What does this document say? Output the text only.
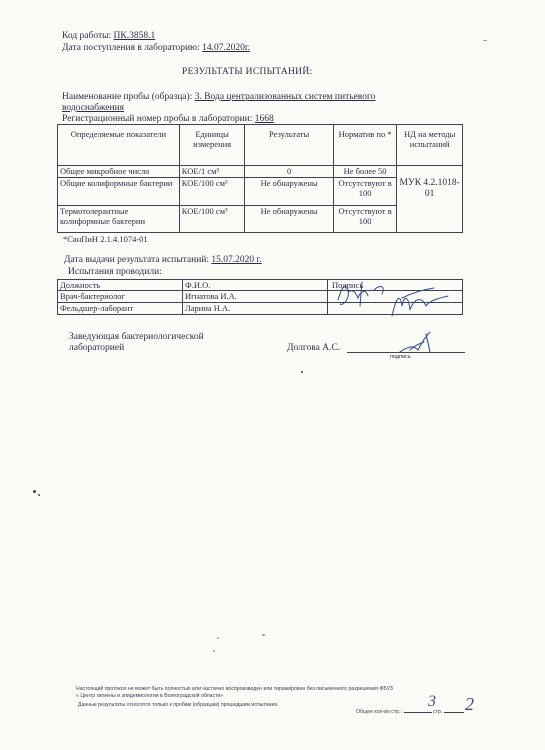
Код работы: ПК.3858.1
Дата поступления в лабораторию: 14.07.2020г.
РЕЗУЛЬТАТЫ ИСПЫТАНИЙ:
Наименование пробы (образца): 3. Вода централизованных систем питьевого
водоснабжения
Регистрационный номер пробы в лаборатории: 1668
Определяемые показатели	Единицы измерения	Результаты	Норматив по *	НД на методы испытаний
Общее микробное число	КОЕ/1 см³	0	Не более 50	МУК 4.2.1018-01
Общие колиформные бактерии	КОЕ/100 см³	Не обнаружены	Отсутствуют в 100	
Термотолерантные колиформные бактерии	КОЕ/100 см³	Не обнаружены	Отсутствуют в 100	
*СанПиН 2.1.4.1074-01
Дата выдачи результата испытаний: 15.07.2020 г.
Испытания проводили:
Должность	Ф.И.О.	Подпись
Врач-бактериолог	Игнатова И.А.	
Фельдшер-лаборант	Ларина Н.А.	
Заведующая бактериологической
лабораторией	Долгова А.С.
подпись
Настоящий протокол не может быть полностью или частично воспроизведен или тиражирован без письменного разрешения ФБУЗ
« Центр гигиены и эпидемиологии в Волгоградской области»
Данные результаты относятся только к пробам (образцам) прошедшим испытания.
Общее кол-во стр.:	стр.
3 2
